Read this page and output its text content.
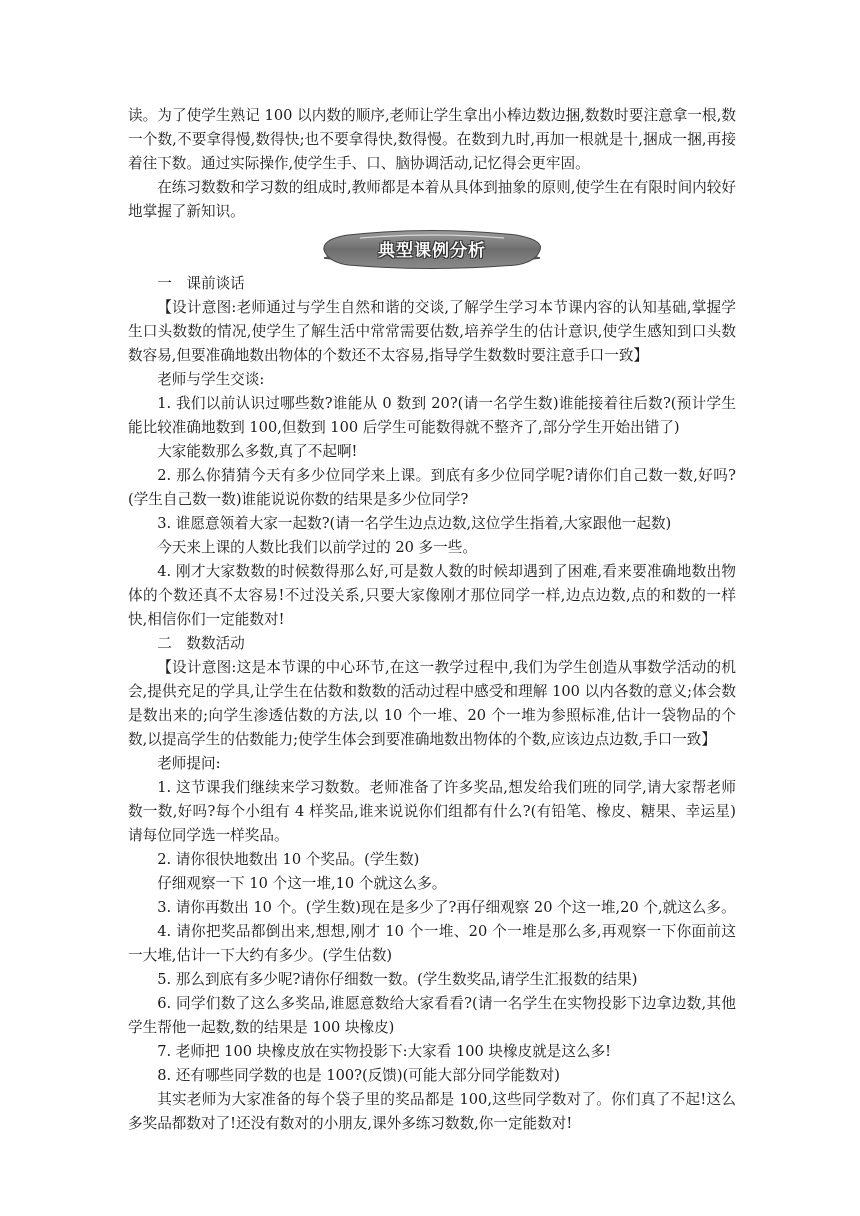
读。为了使学生熟记 100 以内数的顺序,老师让学生拿出小棒边数边捆,数数时要注意拿一根,数一个数,不要拿得慢,数得快;也不要拿得快,数得慢。在数到九时,再加一根就是十,捆成一捆,再接着往下数。通过实际操作,使学生手、口、脑协调活动,记忆得会更牢固。

在练习数数和学习数的组成时,教师都是本着从具体到抽象的原则,使学生在有限时间内较好地掌握了新知识。

典型课例分析

一　课前谈话

【设计意图:老师通过与学生自然和谐的交谈,了解学生学习本节课内容的认知基础,掌握学生口头数数的情况,使学生了解生活中常常需要估数,培养学生的估计意识,使学生感知到口头数数容易,但要准确地数出物体的个数还不太容易,指导学生数数时要注意手口一致】

老师与学生交谈:

1. 我们以前认识过哪些数?谁能从 0 数到 20?(请一名学生数)谁能接着往后数?(预计学生能比较准确地数到 100,但数到 100 后学生可能数得就不整齐了,部分学生开始出错了)

大家能数那么多数,真了不起啊!

2. 那么你猜猜今天有多少位同学来上课。到底有多少位同学呢?请你们自己数一数,好吗?(学生自己数一数)谁能说说你数的结果是多少位同学?

3. 谁愿意领着大家一起数?(请一名学生边点边数,这位学生指着,大家跟他一起数)

今天来上课的人数比我们以前学过的 20 多一些。

4. 刚才大家数数的时候数得那么好,可是数人数的时候却遇到了困难,看来要准确地数出物体的个数还真不太容易!不过没关系,只要大家像刚才那位同学一样,边点边数,点的和数的一样快,相信你们一定能数对!

二　数数活动

【设计意图:这是本节课的中心环节,在这一教学过程中,我们为学生创造从事数学活动的机会,提供充足的学具,让学生在估数和数数的活动过程中感受和理解 100 以内各数的意义;体会数是数出来的;向学生渗透估数的方法,以 10 个一堆、20 个一堆为参照标准,估计一袋物品的个数,以提高学生的估数能力;使学生体会到要准确地数出物体的个数,应该边点边数,手口一致】

老师提问:

1. 这节课我们继续来学习数数。老师准备了许多奖品,想发给我们班的同学,请大家帮老师数一数,好吗?每个小组有 4 样奖品,谁来说说你们组都有什么?(有铅笔、橡皮、糖果、幸运星)请每位同学选一样奖品。

2. 请你很快地数出 10 个奖品。(学生数)

仔细观察一下 10 个这一堆,10 个就这么多。

3. 请你再数出 10 个。(学生数)现在是多少了?再仔细观察 20 个这一堆,20 个,就这么多。

4. 请你把奖品都倒出来,想想,刚才 10 个一堆、20 个一堆是那么多,再观察一下你面前这一大堆,估计一下大约有多少。(学生估数)

5. 那么到底有多少呢?请你仔细数一数。(学生数奖品,请学生汇报数的结果)

6. 同学们数了这么多奖品,谁愿意数给大家看看?(请一名学生在实物投影下边拿边数,其他学生帮他一起数,数的结果是 100 块橡皮)

7. 老师把 100 块橡皮放在实物投影下:大家看 100 块橡皮就是这么多!

8. 还有哪些同学数的也是 100?(反馈)(可能大部分同学能数对)

其实老师为大家准备的每个袋子里的奖品都是 100,这些同学数对了。你们真了不起!这么多奖品都数对了!还没有数对的小朋友,课外多练习数数,你一定能数对!
